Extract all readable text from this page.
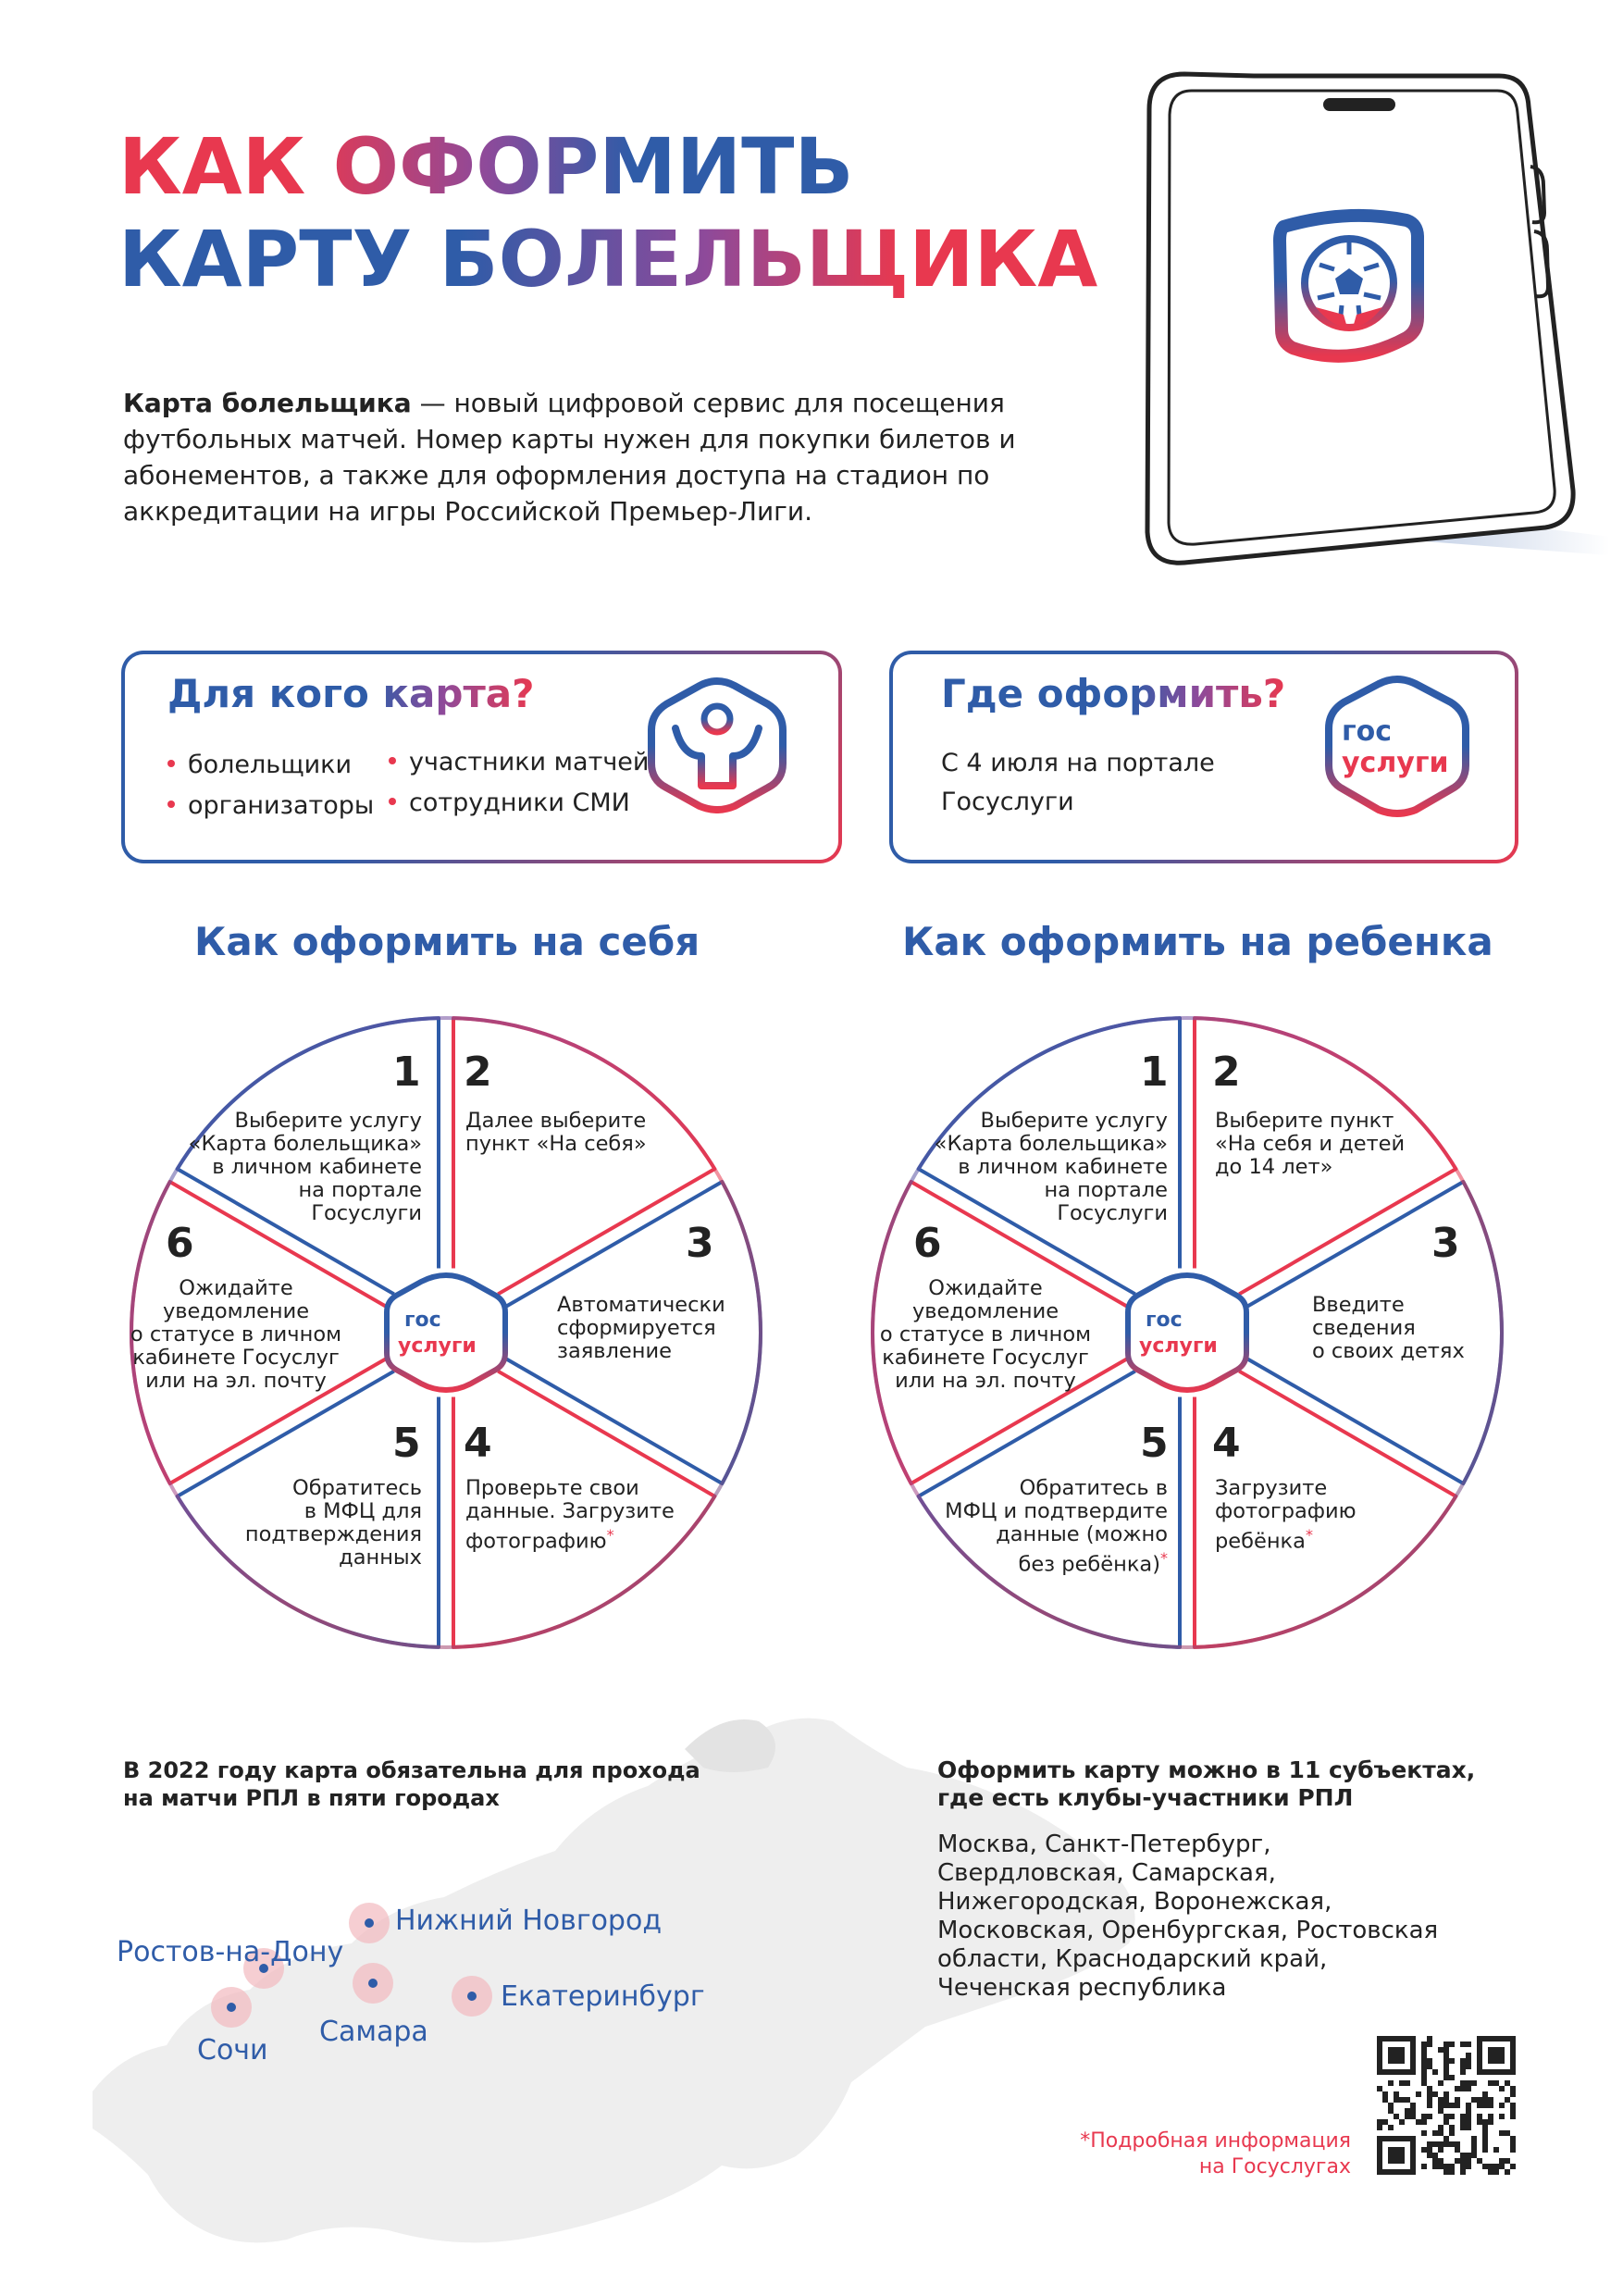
КАК ОФОРМИТЬ
КАРТУ БОЛЕЛЬЩИКА

Карта болельщика — новый цифровой сервис для посещения футбольных матчей. Номер карты нужен для покупки билетов и абонементов, а также для оформления доступа на стадион по аккредитации на игры Российской Премьер-Лиги.

Для кого карта?
болельщики
организаторы
участники матчей
сотрудники СМИ
Где оформить?
С 4 июля на портале Госуслуги
гос
услуги
Как оформить на себя	Как оформить на ребенка
гос
услуги
гос
услуги
1
Выберите услугу
«Карта болельщика»
в личном кабинете
на портале
Госуслуги
2
Далее выберите
пункт «На себя»
3
Автоматически
сформируется
заявление
4
Проверьте свои
данные. Загрузите
фотографию*
5
Обратитесь
в МФЦ для
подтверждения
данных
6
Ожидайте
уведомление
о статусе в личном
кабинете Госуслуг
или на эл. почту
1
Выберите услугу
«Карта болельщика»
в личном кабинете
на портале
Госуслуги
2
Выберите пункт
«На себя и детей
до 14 лет»
3
Введите
сведения
о своих детях
4
Загрузите
фотографию
ребёнка*
5
Обратитесь в
МФЦ и подтвердите
данные (можно
без ребёнка)*
6
Ожидайте
уведомление
о статусе в личном
кабинете Госуслуг
или на эл. почту
В 2022 году карта обязательна для прохода на матчи РПЛ в пяти городах
Ростов-на-Дону
Нижний Новгород
Сочи
Самара
Екатеринбург
Оформить карту можно в 11 субъектах, где есть клубы-участники РПЛ
Москва, Санкт-Петербург, Свердловская, Самарская, Нижегородская, Воронежская, Московская, Оренбургская, Ростовская области, Краснодарский край, Чеченская республика
*Подробная информация
на Госуслугах
